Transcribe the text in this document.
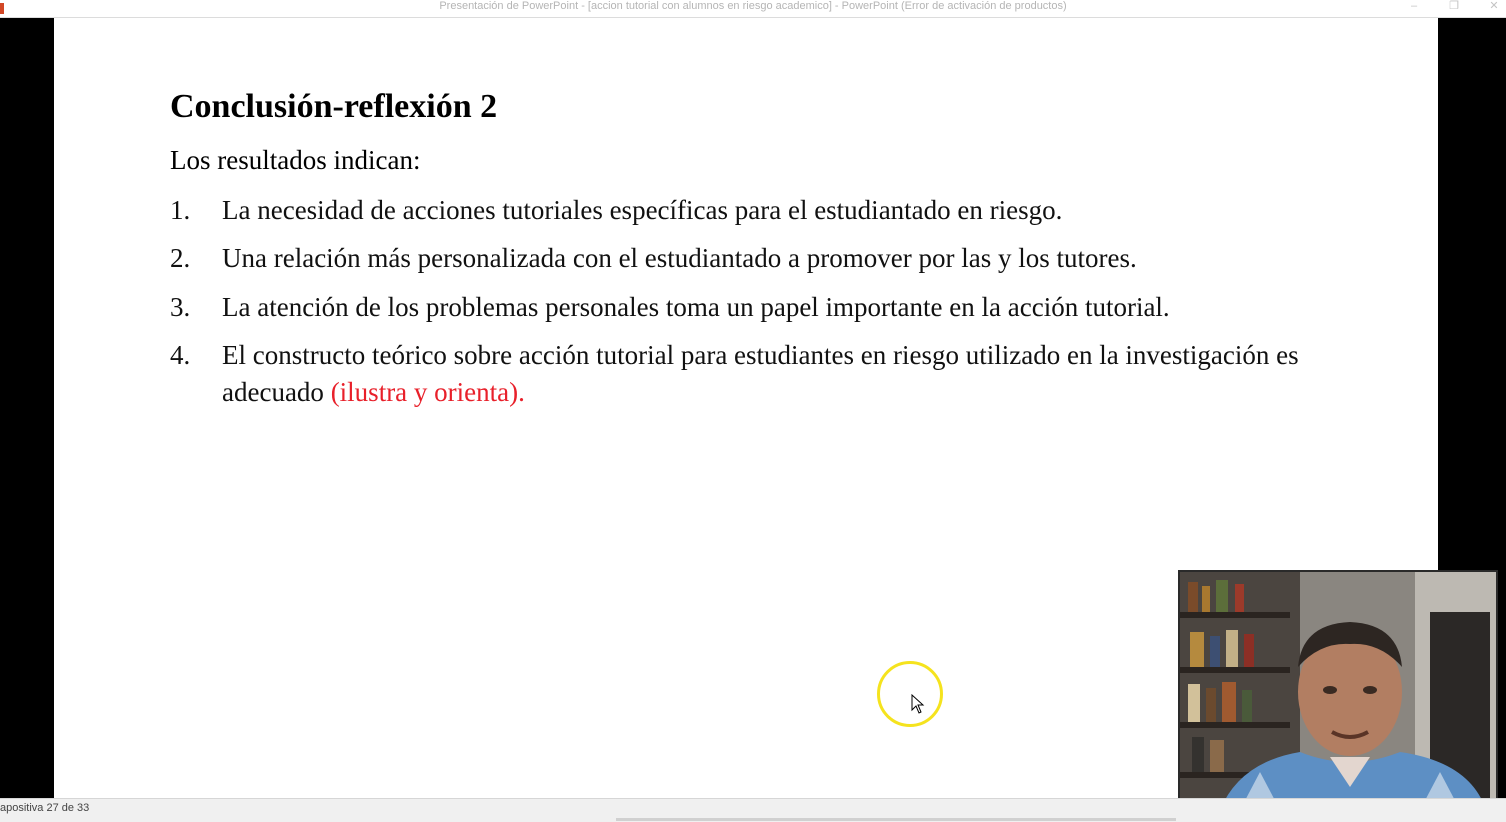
Presentación de PowerPoint - [accion tutorial con alumnos en riesgo academico] - PowerPoint (Error de activación de productos)	–	❐	✕
Conclusión-reflexión 2
Los resultados indican:
1. La necesidad de acciones tutoriales específicas para el estudiantado en riesgo.
2. Una relación más personalizada con el estudiantado a promover por las y los tutores.
3. La atención de los problemas personales toma un papel importante en la acción tutorial.
4. El constructo teórico sobre acción tutorial para estudiantes en riesgo utilizado en la investigación es adecuado (ilustra y orienta).
apositiva 27 de 33
